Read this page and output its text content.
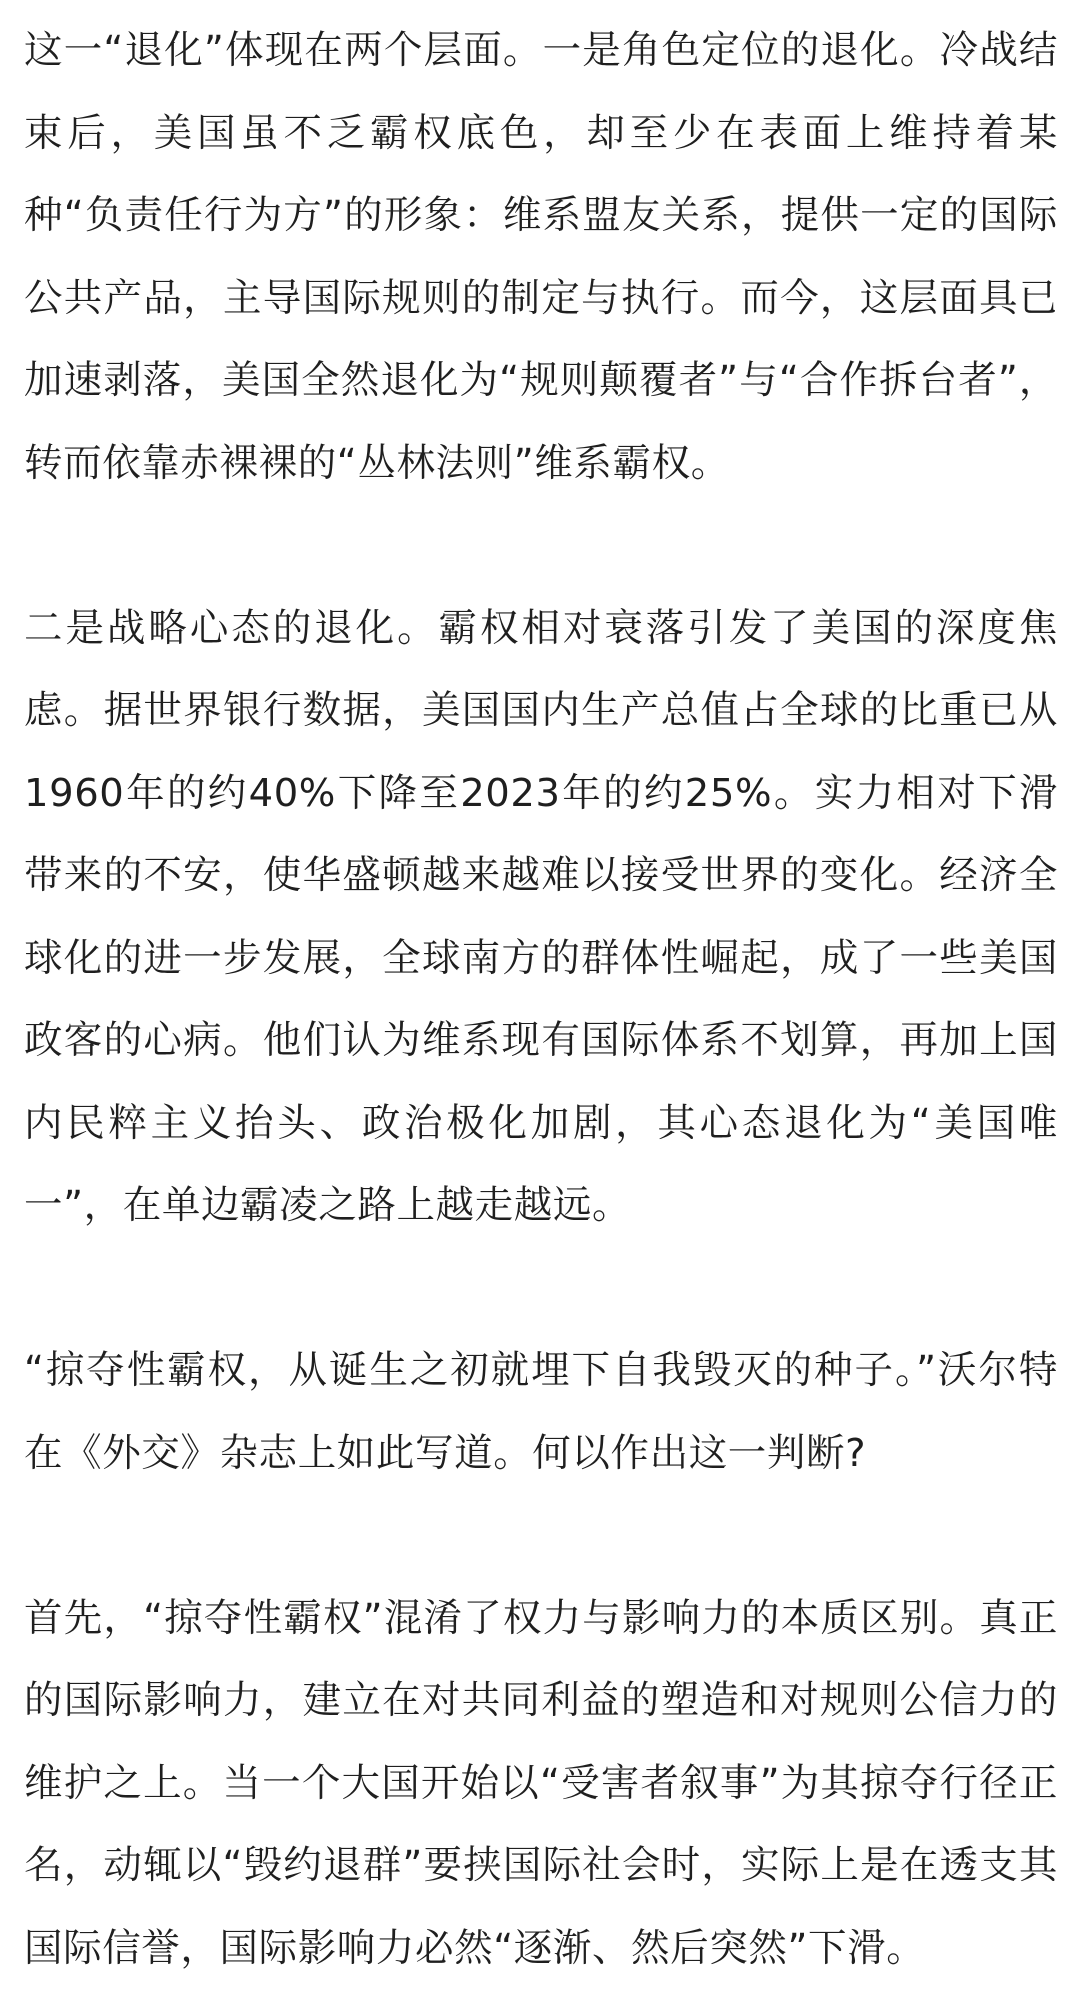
这一“退化”体现在两个层面。一是角色定位的退化。冷战结束后，美国虽不乏霸权底色，却至少在表面上维持着某种“负责任行为方”的形象：维系盟友关系，提供一定的国际公共产品，主导国际规则的制定与执行。而今，这层面具已加速剥落，美国全然退化为“规则颠覆者”与“合作拆台者”，转而依靠赤裸裸的“丛林法则”维系霸权。

二是战略心态的退化。霸权相对衰落引发了美国的深度焦虑。据世界银行数据，美国国内生产总值占全球的比重已从1960年的约40%下降至2023年的约25%。实力相对下滑带来的不安，使华盛顿越来越难以接受世界的变化。经济全球化的进一步发展，全球南方的群体性崛起，成了一些美国政客的心病。他们认为维系现有国际体系不划算，再加上国内民粹主义抬头、政治极化加剧，其心态退化为“美国唯一”，在单边霸凌之路上越走越远。

“掠夺性霸权，从诞生之初就埋下自我毁灭的种子。”沃尔特在《外交》杂志上如此写道。何以作出这一判断?

首先，“掠夺性霸权”混淆了权力与影响力的本质区别。真正的国际影响力，建立在对共同利益的塑造和对规则公信力的维护之上。当一个大国开始以“受害者叙事”为其掠夺行径正名，动辄以“毁约退群”要挟国际社会时，实际上是在透支其国际信誉，国际影响力必然“逐渐、然后突然”下滑。
